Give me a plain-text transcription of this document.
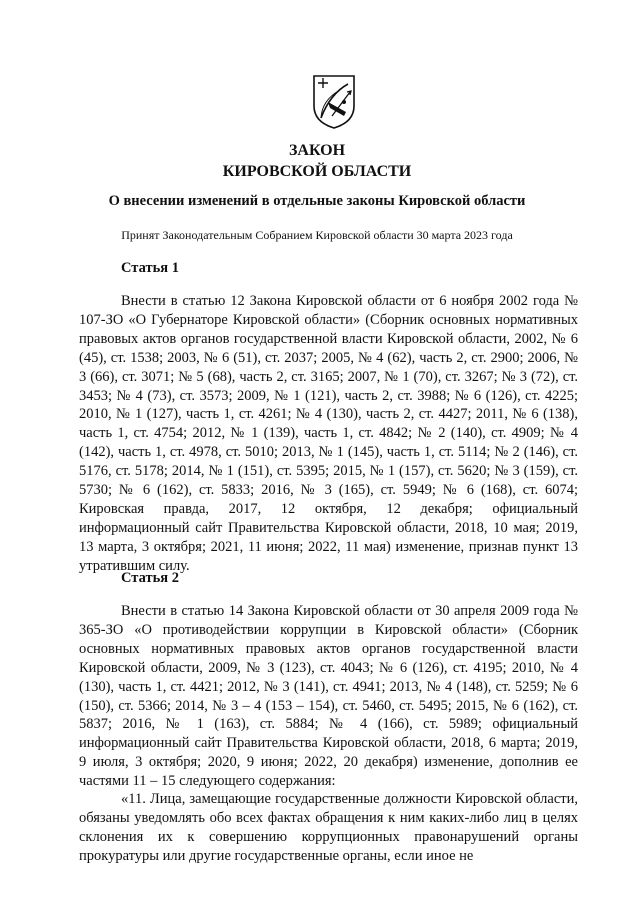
ЗАКОН
КИРОВСКОЙ ОБЛАСТИ
О внесении изменений в отдельные законы Кировской области
Принят Законодательным Собранием Кировской области 30 марта 2023 года
Статья 1

Внести в статью 12 Закона Кировской области от 6 ноября 2002 года № 107-ЗО «О Губернаторе Кировской области» (Сборник основных нормативных правовых актов органов государственной власти Кировской области, 2002, № 6 (45), ст. 1538; 2003, № 6 (51), ст. 2037; 2005, № 4 (62), часть 2, ст. 2900; 2006, № 3 (66), ст. 3071; № 5 (68), часть 2, ст. 3165; 2007, № 1 (70), ст. 3267; № 3 (72), ст. 3453; № 4 (73), ст. 3573; 2009, № 1 (121), часть 2, ст. 3988; № 6 (126), ст. 4225; 2010, № 1 (127), часть 1, ст. 4261; № 4 (130), часть 2, ст. 4427; 2011, № 6 (138), часть 1, ст. 4754; 2012, № 1 (139), часть 1, ст. 4842; № 2 (140), ст. 4909; № 4 (142), часть 1, ст. 4978, ст. 5010; 2013, № 1 (145), часть 1, ст. 5114; № 2 (146), ст. 5176, ст. 5178; 2014, № 1 (151), ст. 5395; 2015, № 1 (157), ст. 5620; № 3 (159), ст. 5730; № 6 (162), ст. 5833; 2016, № 3 (165), ст. 5949; № 6 (168), ст. 6074; Кировская правда, 2017, 12 октября, 12 декабря; официальный информационный сайт Правительства Кировской области, 2018, 10 мая; 2019, 13 марта, 3 октября; 2021, 11 июня; 2022, 11 мая) изменение, признав пункт 13 утратившим силу.

Статья 2

Внести в статью 14 Закона Кировской области от 30 апреля 2009 года № 365-ЗО «О противодействии коррупции в Кировской области» (Сборник основных нормативных правовых актов органов государственной власти Кировской области, 2009, № 3 (123), ст. 4043; № 6 (126), ст. 4195; 2010, № 4 (130), часть 1, ст. 4421; 2012, № 3 (141), ст. 4941; 2013, № 4 (148), ст. 5259; № 6 (150), ст. 5366; 2014, № 3 – 4 (153 – 154), ст. 5460, ст. 5495; 2015, № 6 (162), ст. 5837; 2016, № 1 (163), ст. 5884; № 4 (166), ст. 5989; официальный информационный сайт Правительства Кировской области, 2018, 6 марта; 2019, 9 июля, 3 октября; 2020, 9 июня; 2022, 20 декабря) изменение, дополнив ее частями 11 – 15 следующего содержания:

«11. Лица, замещающие государственные должности Кировской области, обязаны уведомлять обо всех фактах обращения к ним каких-либо лиц в целях склонения их к совершению коррупционных правонарушений органы прокуратуры или другие государственные органы, если иное не
